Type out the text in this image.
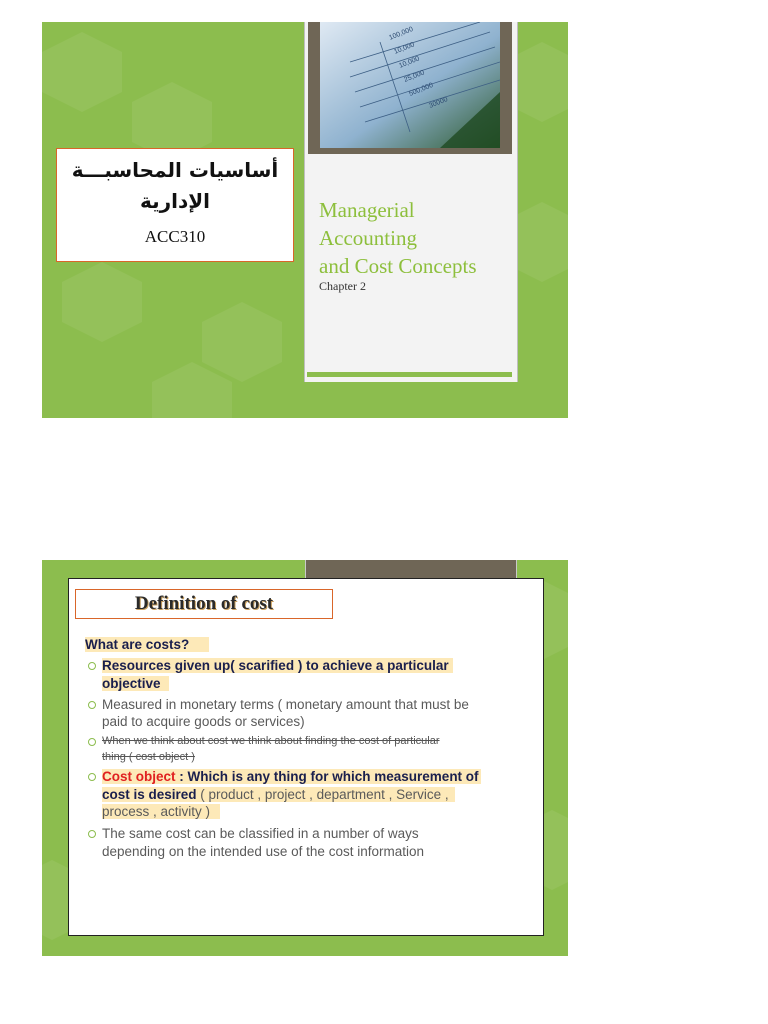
أساسيات المحاسبـــة الإدارية
ACC310
100,000
10,000
10,000
25,000
500,000
30000
Managerial
Accounting
and Cost Concepts
Chapter 2
Definition of cost
What are costs?
Resources given up( scarified ) to achieve a particular
objective
Measured in monetary terms ( monetary amount that must be
paid to acquire goods or services)
When we think about cost we think about finding the cost of particular
thing ( cost object )
Cost object : Which is any thing for which measurement of
cost is desired ( product , project , department , Service ,
process , activity )
The same cost can be classified in a number of ways
depending on the intended use of the cost information
